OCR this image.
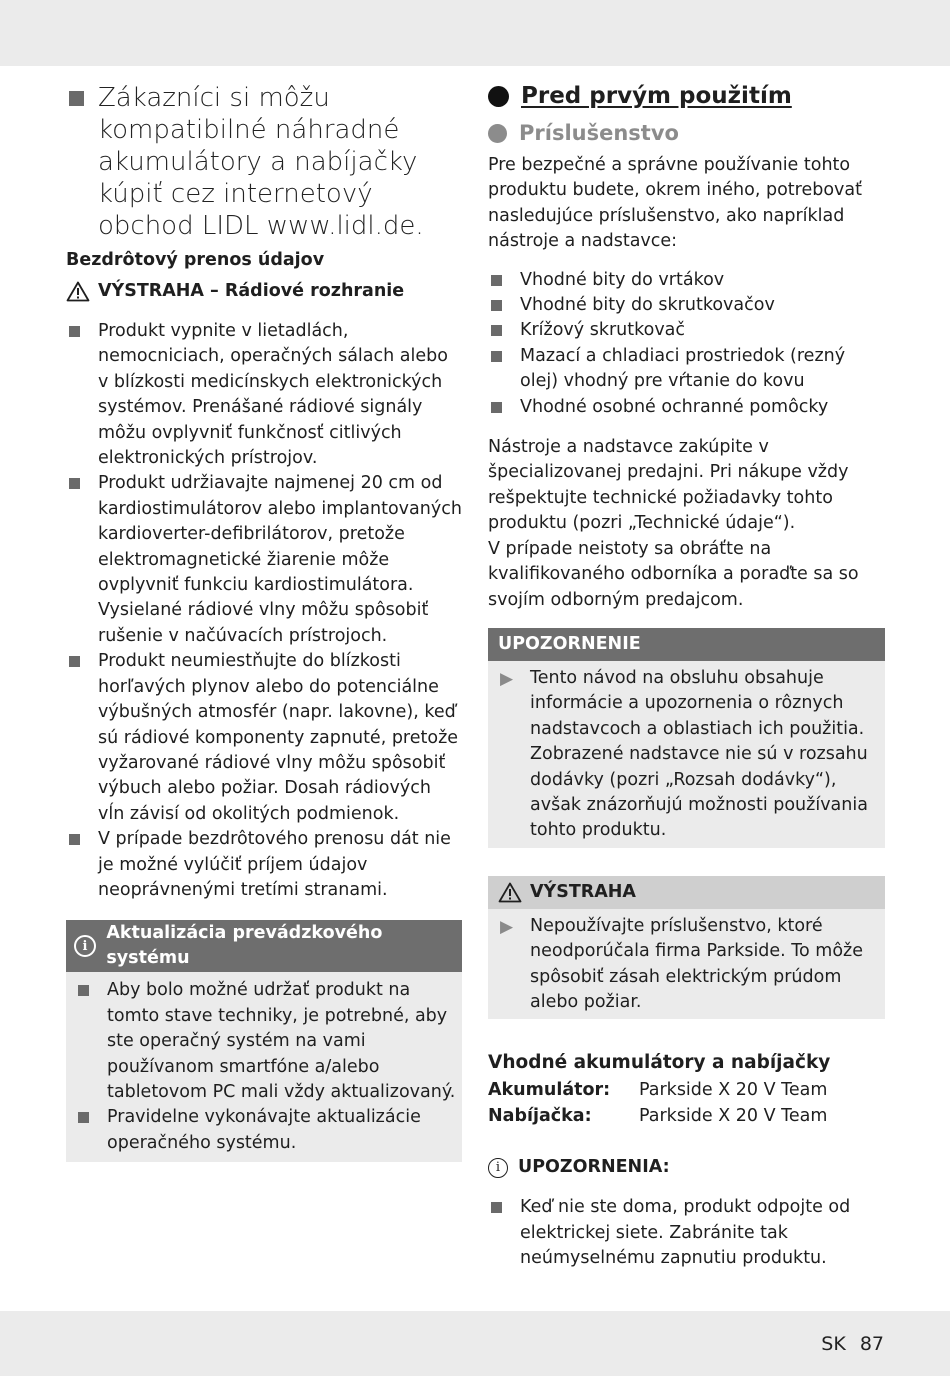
Zákazníci si môžu kompatibilné náhradné akumulátory a nabíjačky kúpiť cez internetový obchod LIDL www.lidl.de.

Bezdrôtový prenos údajov

VÝSTRAHA – Rádiové rozhranie
Produkt vypnite v lietadlách, nemocniciach, operačných sálach alebo v blízkosti medicínskych elektronických systémov. Prenášané rádiové signály môžu ovplyvniť funkčnosť citlivých elektronických prístrojov.
Produkt udržiavajte najmenej 20 cm od kardiostimulátorov alebo implantovaných kardioverter-defibrilátorov, pretože elektromagnetické žiarenie môže ovplyvniť funkciu kardiostimulátora. Vysielané rádiové vlny môžu spôsobiť rušenie v načúvacích prístrojoch.
Produkt neumiestňujte do blízkosti horľavých plynov alebo do potenciálne výbušných atmosfér (napr. lakovne), keď sú rádiové komponenty zapnuté, pretože vyžarované rádiové vlny môžu spôsobiť výbuch alebo požiar. Dosah rádiových vĺn závisí od okolitých podmienok.
V prípade bezdrôtového prenosu dát nie je možné vylúčiť príjem údajov neoprávnenými tretími stranami.
i
Aktualizácia prevádzkového systému
Aby bolo možné udržať produkt na tomto stave techniky, je potrebné, aby ste operačný systém na vami používanom smartfóne a/alebo tabletovom PC mali vždy aktualizovaný.
Pravidelne vykonávajte aktualizácie operačného systému.
Pred prvým použitím
Príslušenstvo

Pre bezpečné a správne používanie tohto produktu budete, okrem iného, potrebovať nasledujúce príslušenstvo, ako napríklad nástroje a nadstavce:

Vhodné bity do vrtákov
Vhodné bity do skrutkovačov
Krížový skrutkovač
Mazací a chladiaci prostriedok (rezný olej) vhodný pre vŕtanie do kovu
Vhodné osobné ochranné pomôcky

Nástroje a nadstavce zakúpite v špecializovanej predajni. Pri nákupe vždy rešpektujte technické požiadavky tohto produktu (pozri „Technické údaje“).

V prípade neistoty sa obráťte na kvalifikovaného odborníka a poraďte sa so svojím odborným predajcom.

UPOZORNENIE
▶ Tento návod na obsluhu obsahuje informácie a upozornenia o rôznych nadstavcoch a oblastiach ich použitia. Zobrazené nadstavce nie sú v rozsahu dodávky (pozri „Rozsah dodávky“), avšak znázorňujú možnosti používania tohto produktu.
VÝSTRAHA
▶ Nepoužívajte príslušenstvo, ktoré neodporúčala firma Parkside. To môže spôsobiť zásah elektrickým prúdom alebo požiar.

Vhodné akumulátory a nabíjačky

Akumulátor:	Parkside X 20 V Team
Nabíjačka:	Parkside X 20 V Team
i	UPOZORNENIA:
Keď nie ste doma, produkt odpojte od elektrickej siete. Zabránite tak neúmyselnému zapnutiu produktu.
SK 87
